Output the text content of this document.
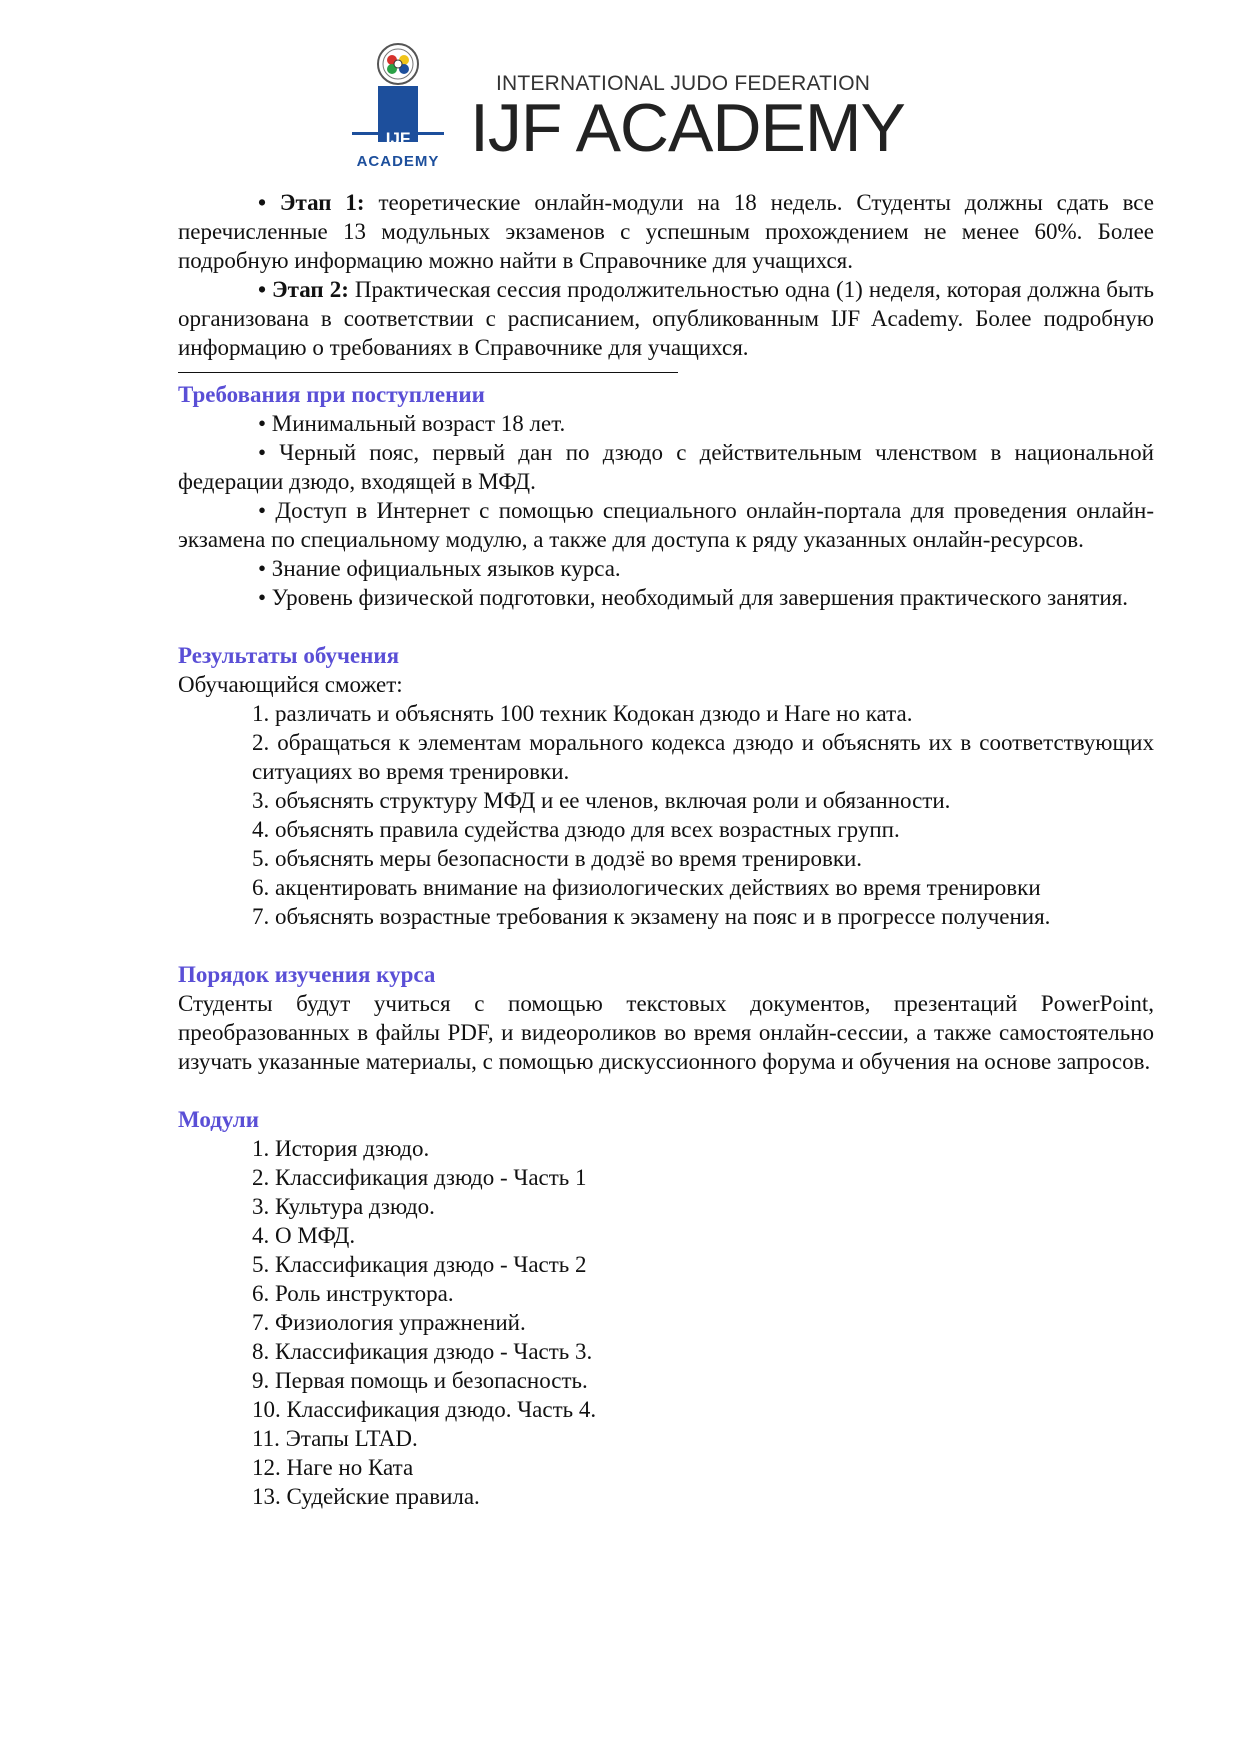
IJF
ACADEMY
INTERNATIONAL JUDO FEDERATION
IJF ACADEMY

• Этап 1: теоретические онлайн-модули на 18 недель. Студенты должны сдать все перечисленные 13 модульных экзаменов с успешным прохождением не менее 60%. Более подробную информацию можно найти в Справочнике для учащихся.

• Этап 2: Практическая сессия продолжительностью одна (1) неделя, которая должна быть организована в соответствии с расписанием, опубликованным IJF Academy. Более подробную информацию о требованиях в Справочнике для учащихся.

Требования при поступлении

• Минимальный возраст 18 лет.

• Черный пояс, первый дан по дзюдо с действительным членством в национальной федерации дзюдо, входящей в МФД.

• Доступ в Интернет с помощью специального онлайн-портала для проведения онлайн-экзамена по специальному модулю, а также для доступа к ряду указанных онлайн-ресурсов.

• Знание официальных языков курса.

• Уровень физической подготовки, необходимый для завершения практического занятия.

Результаты обучения

Обучающийся сможет:

1. различать и объяснять 100 техник Кодокан дзюдо и Наге но ката.
2. обращаться к элементам морального кодекса дзюдо и объяснять их в соответствующих ситуациях во время тренировки.
3. объяснять структуру МФД и ее членов, включая роли и обязанности.
4. объяснять правила судейства дзюдо для всех возрастных групп.
5. объяснять меры безопасности в додзё во время тренировки.
6. акцентировать внимание на физиологических действиях во время тренировки
7. объяснять возрастные требования к экзамену на пояс и в прогрессе получения.
Порядок изучения курса

Студенты будут учиться с помощью текстовых документов, презентаций PowerPoint, преобразованных в файлы PDF, и видеороликов во время онлайн-сессии, а также самостоятельно изучать указанные материалы, с помощью дискуссионного форума и обучения на основе запросов.

Модули
1. История дзюдо.
2. Классификация дзюдо - Часть 1
3. Культура дзюдо.
4. О МФД.
5. Классификация дзюдо - Часть 2
6. Роль инструктора.
7. Физиология упражнений.
8. Классификация дзюдо - Часть 3.
9. Первая помощь и безопасность.
10. Классификация дзюдо. Часть 4.
11. Этапы LTAD.
12. Наге но Ката
13. Судейские правила.
